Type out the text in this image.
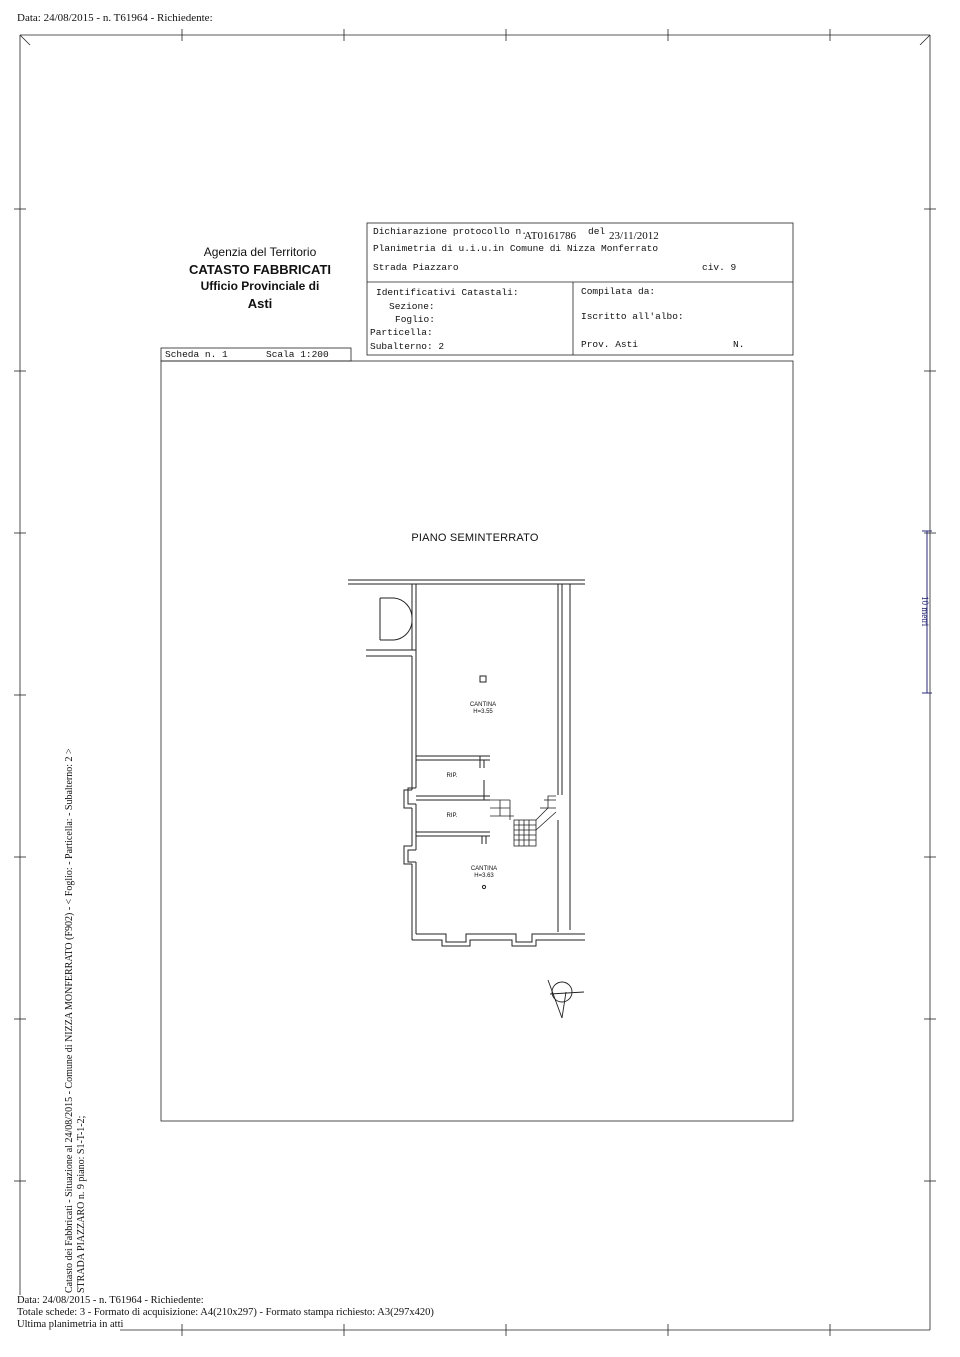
Data: 24/08/2015 - n. T61964 - Richiedente:
Agenzia del Territorio
CATASTO FABBRICATI
Ufficio Provinciale di
Asti
Dichiarazione protocollo n.
AT0161786 del 23/11/2012
Planimetria di u.i.u.in Comune di Nizza Monferrato
Strada Piazzaro	civ. 9
Identificativi Catastali:
Sezione:
Foglio:
Particella:
Subalterno: 2
Compilata da:
Iscritto all'albo:
Prov. Asti	N.
Scheda n. 1	Scala 1:200
PIANO SEMINTERRATO
CANTINA
H=3.55
RIP.
RIP.
CANTINA
H=3.63
10 metri
Catasto dei Fabbricati - Situazione al 24/08/2015 - Comune di NIZZA MONFERRATO (F902) - < Foglio: - Particella: - Subalterno: 2 > STRADA PIAZZARO n. 9 piano: S1-T-1-2;
Data: 24/08/2015 - n. T61964 - Richiedente:
Totale schede: 3 - Formato di acquisizione: A4(210x297) - Formato stampa richiesto: A3(297x420)
Ultima planimetria in atti
